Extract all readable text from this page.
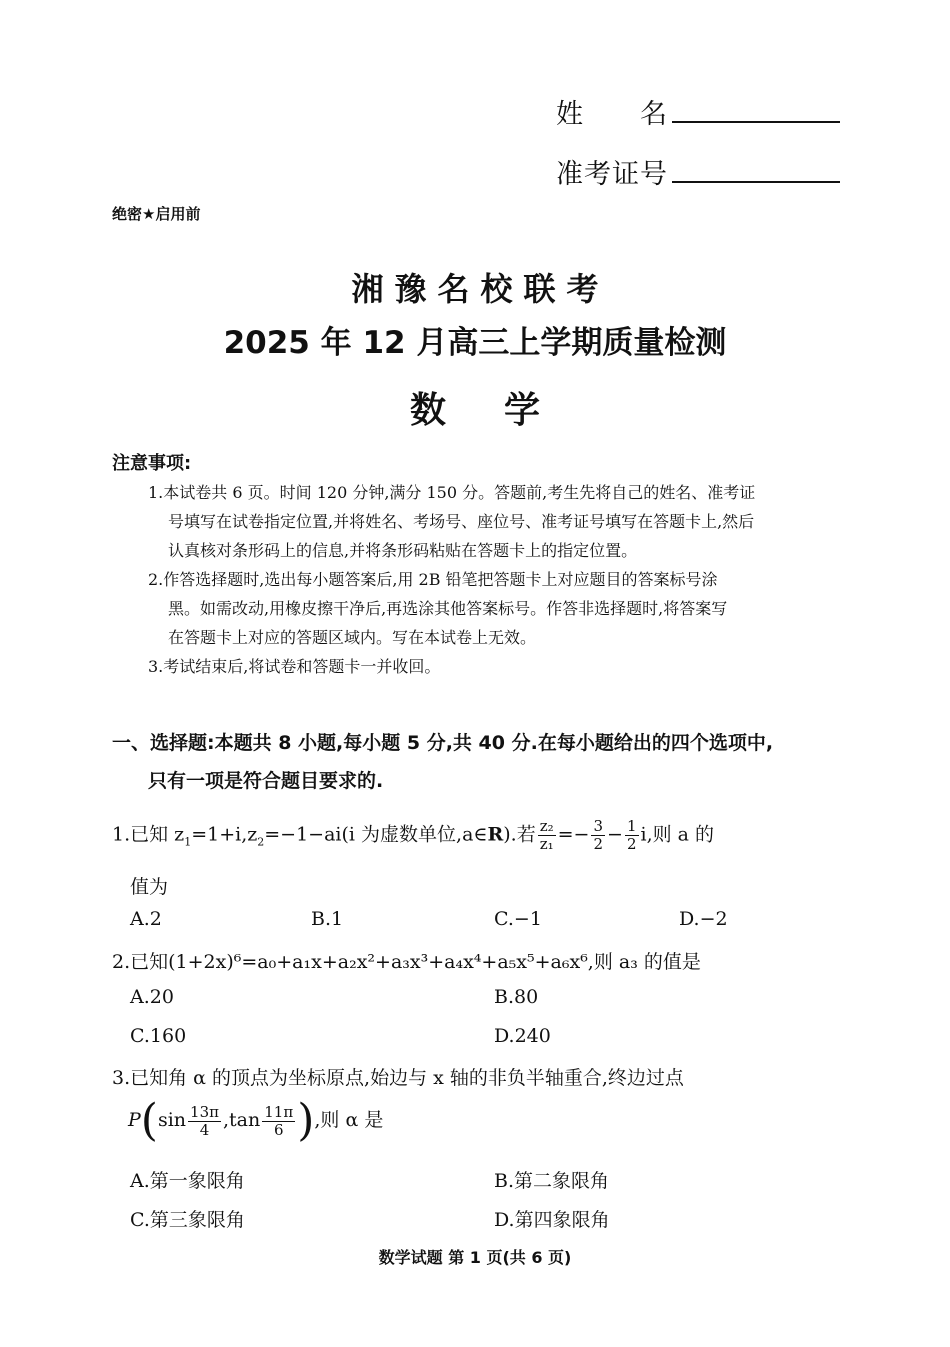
姓　　名
准考证号
绝密★启用前
湘豫名校联考
2025 年 12 月高三上学期质量检测
数学
注意事项:
1.本试卷共 6 页。时间 120 分钟,满分 150 分。答题前,考生先将自己的姓名、准考证
号填写在试卷指定位置,并将姓名、考场号、座位号、准考证号填写在答题卡上,然后
认真核对条形码上的信息,并将条形码粘贴在答题卡上的指定位置。
2.作答选择题时,选出每小题答案后,用 2B 铅笔把答题卡上对应题目的答案标号涂
黑。如需改动,用橡皮擦干净后,再选涂其他答案标号。作答非选择题时,将答案写
在答题卡上对应的答题区域内。写在本试卷上无效。
3.考试结束后,将试卷和答题卡一并收回。
一、选择题:本题共 8 小题,每小题 5 分,共 40 分.在每小题给出的四个选项中,
只有一项是符合题目要求的.
1.已知 $z_1=1+i,z_2=-1-ai(i$ 为虚数单位,a∈R).若 $\frac{\text{z₂}}{\text{z₁}} =- \frac{3}{2} - \frac{1}{2} i$,则 a 的
值为
A.2	B.1	C.−1	D.−2
2.已知(1+2x)⁶=a₀+a₁x+a₂x²+a₃x³+a₄x⁴+a₅x⁵+a₆x⁶,则 a₃ 的值是
A.20	B.80
C.160	D.240
3.已知角 α 的顶点为坐标原点,始边与 x 轴的非负半轴重合,终边过点
$P(\sin \frac{13\pi}{4} ,\tan \frac{11\pi}{6}$ ),则 α 是
A.第一象限角	B.第二象限角
C.第三象限角	D.第四象限角
数学试题 第 1 页(共 6 页)
